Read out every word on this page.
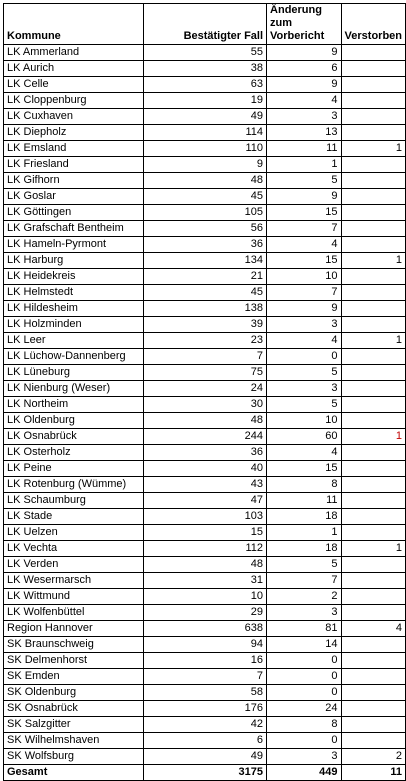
Kommune	Bestätigter Fall	Änderung zum Vorbericht	Verstorben
LK Ammerland	55	9	
LK Aurich	38	6	
LK Celle	63	9	
LK Cloppenburg	19	4	
LK Cuxhaven	49	3	
LK Diepholz	114	13	
LK Emsland	110	11	1
LK Friesland	9	1	
LK Gifhorn	48	5	
LK Goslar	45	9	
LK Göttingen	105	15	
LK Grafschaft Bentheim	56	7	
LK Hameln-Pyrmont	36	4	
LK Harburg	134	15	1
LK Heidekreis	21	10	
LK Helmstedt	45	7	
LK Hildesheim	138	9	
LK Holzminden	39	3	
LK Leer	23	4	1
LK Lüchow-Dannenberg	7	0	
LK Lüneburg	75	5	
LK Nienburg (Weser)	24	3	
LK Northeim	30	5	
LK Oldenburg	48	10	
LK Osnabrück	244	60	1
LK Osterholz	36	4	
LK Peine	40	15	
LK Rotenburg (Wümme)	43	8	
LK Schaumburg	47	11	
LK Stade	103	18	
LK Uelzen	15	1	
LK Vechta	112	18	1
LK Verden	48	5	
LK Wesermarsch	31	7	
LK Wittmund	10	2	
LK Wolfenbüttel	29	3	
Region Hannover	638	81	4
SK Braunschweig	94	14	
SK Delmenhorst	16	0	
SK Emden	7	0	
SK Oldenburg	58	0	
SK Osnabrück	176	24	
SK Salzgitter	42	8	
SK Wilhelmshaven	6	0	
SK Wolfsburg	49	3	2
Gesamt	3175	449	11
